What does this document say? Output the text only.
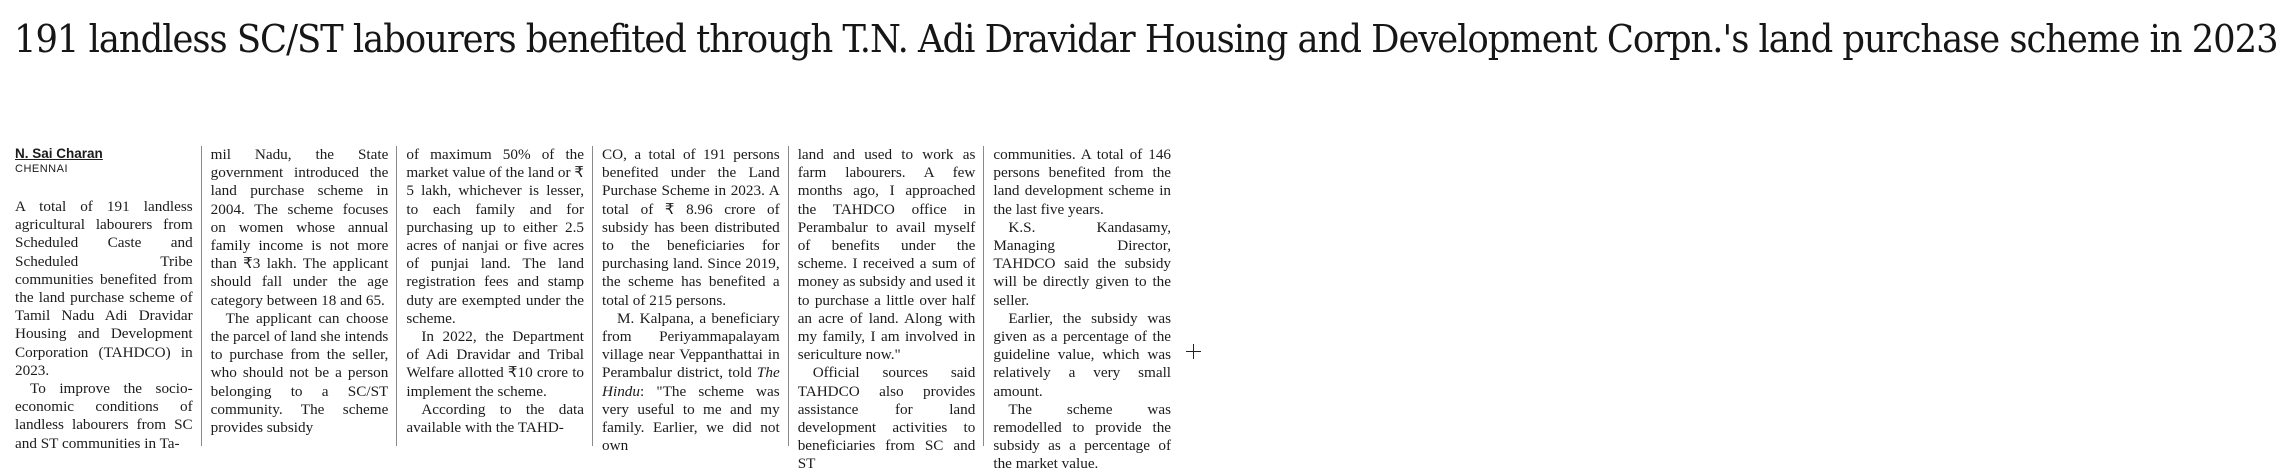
191 landless SC/ST labourers benefited through T.N. Adi Dravidar Housing and Development Corpn.'s land purchase scheme in 2023

N. Sai Charan

CHENNAI

A total of 191 landless agricultural labourers from Scheduled Caste and Scheduled Tribe communities benefited from the land purchase scheme of Tamil Nadu Adi Dravidar Housing and Development Corporation (TAHDCO) in 2023.

To improve the socio-economic conditions of landless labourers from SC and ST communities in Ta-

mil Nadu, the State government introduced the land purchase scheme in 2004. The scheme focuses on women whose annual family income is not more than ₹3 lakh. The applicant should fall under the age category between 18 and 65.

The applicant can choose the parcel of land she intends to purchase from the seller, who should not be a person belonging to a SC/ST community. The scheme provides subsidy

of maximum 50% of the market value of the land or ₹ 5 lakh, whichever is lesser, to each family and for purchasing up to either 2.5 acres of nanjai or five acres of punjai land. The land registration fees and stamp duty are exempted under the scheme.

In 2022, the Department of Adi Dravidar and Tribal Welfare allotted ₹10 crore to implement the scheme.

According to the data available with the TAHD-

CO, a total of 191 persons benefited under the Land Purchase Scheme in 2023. A total of ₹ 8.96 crore of subsidy has been distributed to the beneficiaries for purchasing land. Since 2019, the scheme has benefited a total of 215 persons.

M. Kalpana, a beneficiary from Periyammapalayam village near Veppanthattai in Perambalur district, told The Hindu: "The scheme was very useful to me and my family. Earlier, we did not own

land and used to work as farm labourers. A few months ago, I approached the TAHDCO office in Perambalur to avail myself of benefits under the scheme. I received a sum of money as subsidy and used it to purchase a little over half an acre of land. Along with my family, I am involved in sericulture now."

Official sources said TAHDCO also provides assistance for land development activities to beneficiaries from SC and ST

communities. A total of 146 persons benefited from the land development scheme in the last five years.

K.S. Kandasamy, Managing Director, TAHDCO said the subsidy will be directly given to the seller.

Earlier, the subsidy was given as a percentage of the guideline value, which was relatively a very small amount.

The scheme was remodelled to provide the subsidy as a percentage of the market value.
